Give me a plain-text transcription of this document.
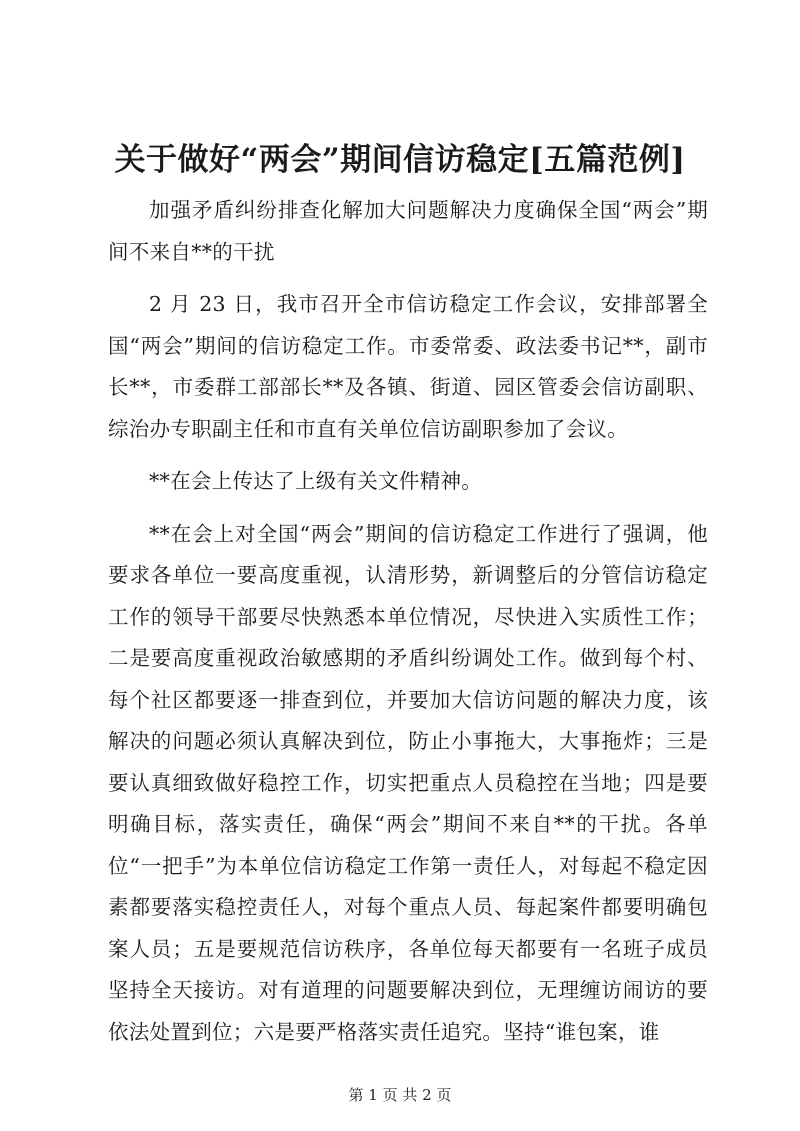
关于做好“两会”期间信访稳定[五篇范例]

加强矛盾纠纷排查化解加大问题解决力度确保全国“两会”期间不来自**的干扰

2 月 23 日，我市召开全市信访稳定工作会议，安排部署全国“两会”期间的信访稳定工作。市委常委、政法委书记**，副市长**，市委群工部部长**及各镇、街道、园区管委会信访副职、综治办专职副主任和市直有关单位信访副职参加了会议。

**在会上传达了上级有关文件精神。

**在会上对全国“两会”期间的信访稳定工作进行了强调，他要求各单位一要高度重视，认清形势，新调整后的分管信访稳定工作的领导干部要尽快熟悉本单位情况，尽快进入实质性工作；二是要高度重视政治敏感期的矛盾纠纷调处工作。做到每个村、每个社区都要逐一排查到位，并要加大信访问题的解决力度，该解决的问题必须认真解决到位，防止小事拖大，大事拖炸；三是要认真细致做好稳控工作，切实把重点人员稳控在当地；四是要明确目标，落实责任，确保“两会”期间不来自**的干扰。各单位“一把手”为本单位信访稳定工作第一责任人，对每起不稳定因素都要落实稳控责任人，对每个重点人员、每起案件都要明确包案人员；五是要规范信访秩序，各单位每天都要有一名班子成员坚持全天接访。对有道理的问题要解决到位，无理缠访闹访的要依法处置到位；六是要严格落实责任追究。坚持“谁包案，谁

第 1 页 共 2 页
